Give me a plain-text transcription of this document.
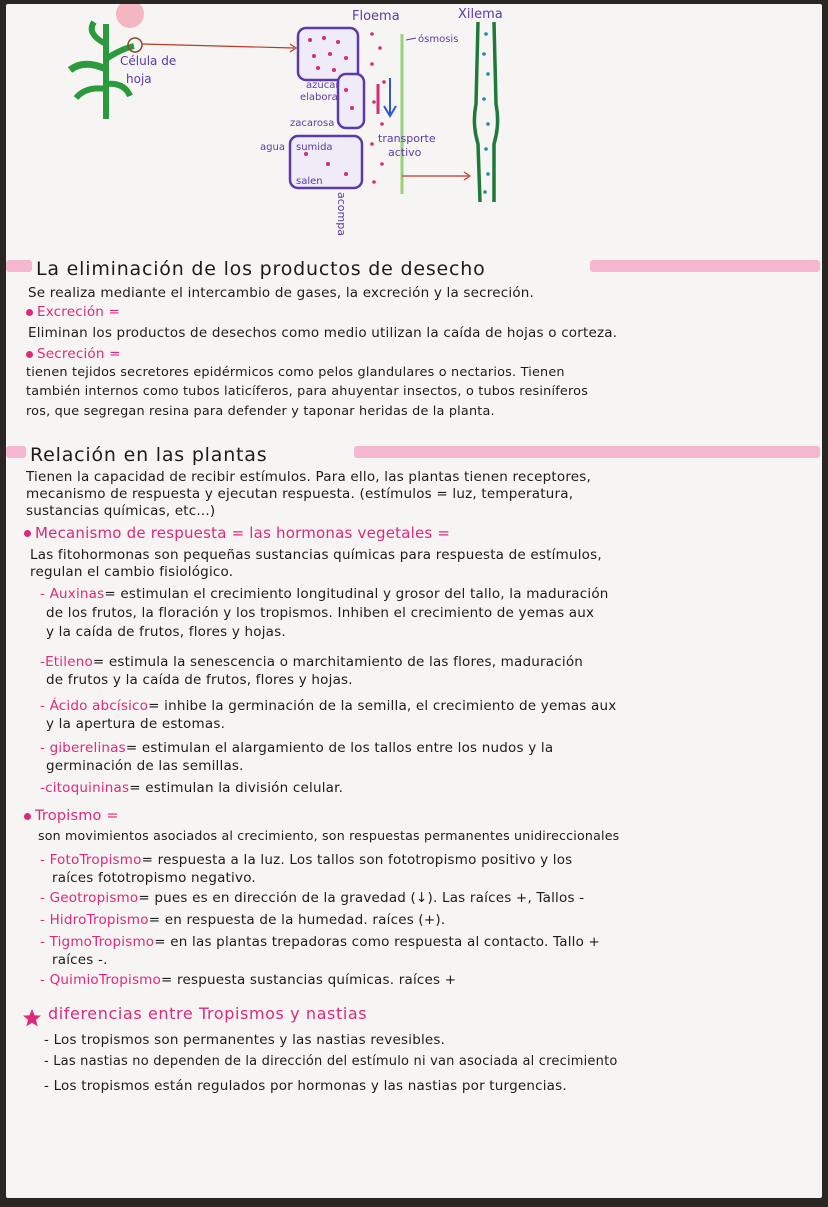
Célula de
hoja	azúcar
elabora
zacarosa
agua sumida
salen
Floema
ósmosis
transporte
activo
acompa
Xilema
La eliminación de los productos de desecho
Se realiza mediante el intercambio de gases, la excreción y la secreción.
Excreción =
Eliminan los productos de desechos como medio utilizan la caída de hojas o corteza.
Secreción =
tienen tejidos secretores epidérmicos como pelos glandulares o nectarios. Tienen
también internos como tubos laticíferos, para ahuyentar insectos, o tubos resiníferos
ros, que segregan resina para defender y taponar heridas de la planta.
Relación en las plantas
Tienen la capacidad de recibir estímulos. Para ello, las plantas tienen receptores,
mecanismo de respuesta y ejecutan respuesta. (estímulos = luz, temperatura,
sustancias químicas, etc...)
Mecanismo de respuesta = las hormonas vegetales =
Las fitohormonas son pequeñas sustancias químicas para respuesta de estímulos,
regulan el cambio fisiológico.
- Auxinas= estimulan el crecimiento longitudinal y grosor del tallo, la maduración
de los frutos, la floración y los tropismos. Inhiben el crecimiento de yemas aux
y la caída de frutos, flores y hojas.
-Etileno= estimula la senescencia o marchitamiento de las flores, maduración
de frutos y la caída de frutos, flores y hojas.
- Ácido abcísico= inhibe la germinación de la semilla, el crecimiento de yemas aux
y la apertura de estomas.
- giberelinas= estimulan el alargamiento de los tallos entre los nudos y la
germinación de las semillas.
-citoquininas= estimulan la división celular.
Tropismo =
son movimientos asociados al crecimiento, son respuestas permanentes unidireccionales
- FotoTropismo= respuesta a la luz. Los tallos son fototropismo positivo y los
raíces fototropismo negativo.
- Geotropismo= pues es en dirección de la gravedad (↓). Las raíces +, Tallos -
- HidroTropismo= en respuesta de la humedad. raíces (+).
- TigmoTropismo= en las plantas trepadoras como respuesta al contacto. Tallo +
raíces -.
- QuimioTropismo= respuesta sustancias químicas. raíces +
diferencias entre Tropismos y nastias
- Los tropismos son permanentes y las nastias revesibles.
- Las nastias no dependen de la dirección del estímulo ni van asociada al crecimiento
- Los tropismos están regulados por hormonas y las nastias por turgencias.
